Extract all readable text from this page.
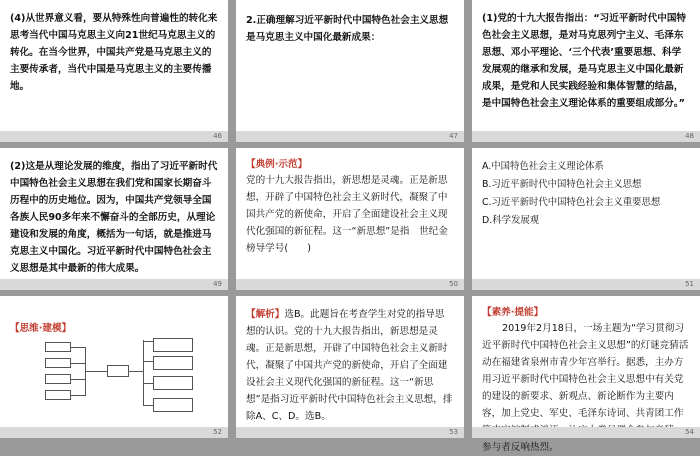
(4)从世界意义看，要从特殊性向普遍性的转化来思考当代中国马克思主义向21世纪马克思主义的转化。在当今世界，中国共产党是马克思主义的主要传承者，当代中国是马克思主义的主要传播地。
46
2.正确理解习近平新时代中国特色社会主义思想是马克思主义中国化最新成果：
47
(1)党的十九大报告指出：“习近平新时代中国特色社会主义思想，是对马克思列宁主义、毛泽东思想、邓小平理论、‘三个代表’重要思想、科学发展观的继承和发展，是马克思主义中国化最新成果，是党和人民实践经验和集体智慧的结晶，是中国特色社会主义理论体系的重要组成部分。”
48
(2)这是从理论发展的维度，指出了习近平新时代中国特色社会主义思想在我们党和国家长期奋斗历程中的历史地位。因为，中国共产党领导全国各族人民90多年来不懈奋斗的全部历史，从理论建设和发展的角度，概括为一句话，就是推进马克思主义中国化。习近平新时代中国特色社会主义思想是其中最新的伟大成果。
49
【典例·示范】
党的十九大报告指出，新思想是灵魂。正是新思想，开辟了中国特色社会主义新时代，凝聚了中国共产党的新使命，开启了全面建设社会主义现代化强国的新征程。这一“新思想”是指　世纪金榜导学号(　　)
50
A.中国特色社会主义理论体系
B.习近平新时代中国特色社会主义思想
C.习近平新时代中国特色社会主义重要思想
D.科学发展观
51
【思维·建模】
52
【解析】选B。此题旨在考查学生对党的指导思想的认识。党的十九大报告指出，新思想是灵魂。正是新思想，开辟了中国特色社会主义新时代，凝聚了中国共产党的新使命，开启了全面建设社会主义现代化强国的新征程。这一“新思想”是指习近平新时代中国特色社会主义思想，排除A、C、D。选B。
53
【素养·提能】
2019年2月18日，一场主题为“学习贯彻习近平新时代中国特色社会主义思想”的灯谜竞猜活动在福建省泉州市青少年宫举行。据悉，主办方用习近平新时代中国特色社会主义思想中有关党的建设的新要求、新观点、新论断作为主要内容，加上党史、军史、毛泽东诗词、共青团工作 参与者反响热烈。
54
